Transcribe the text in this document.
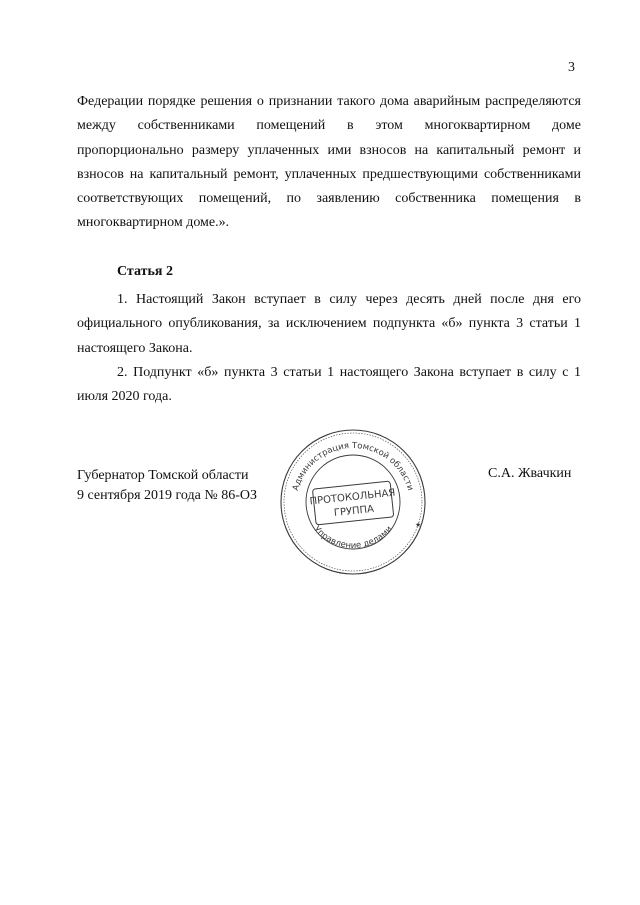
3

Федерации порядке решения о признании такого дома аварийным распределяются между собственниками помещений в этом многоквартирном доме пропорционально размеру уплаченных ими взносов на капитальный ремонт и взносов на капитальный ремонт, уплаченных предшествующими собственниками соответствующих помещений, по заявлению собственника помещения в многоквартирном доме.».

Статья 2

1. Настоящий Закон вступает в силу через десять дней после дня его официального опубликования, за исключением подпункта «б» пункта 3 статьи 1 настоящего Закона.

2. Подпункт «б» пункта 3 статьи 1 настоящего Закона вступает в силу с 1 июля 2020 года.

Губернатор Томской области
9 сентября 2019 года № 86-ОЗ
С.А. Жвачкин
Администрация Томской области
Управление делами
ПРОТОКОЛЬНАЯ
ГРУППА
★
